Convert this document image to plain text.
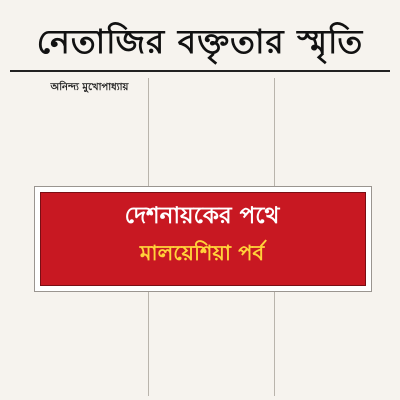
নেতাজির বক্তৃতার স্মৃতি
অনিন্দ্য মুখোপাধ্যায়
দেশনায়কের পথে
মালয়েশিয়া পর্ব
